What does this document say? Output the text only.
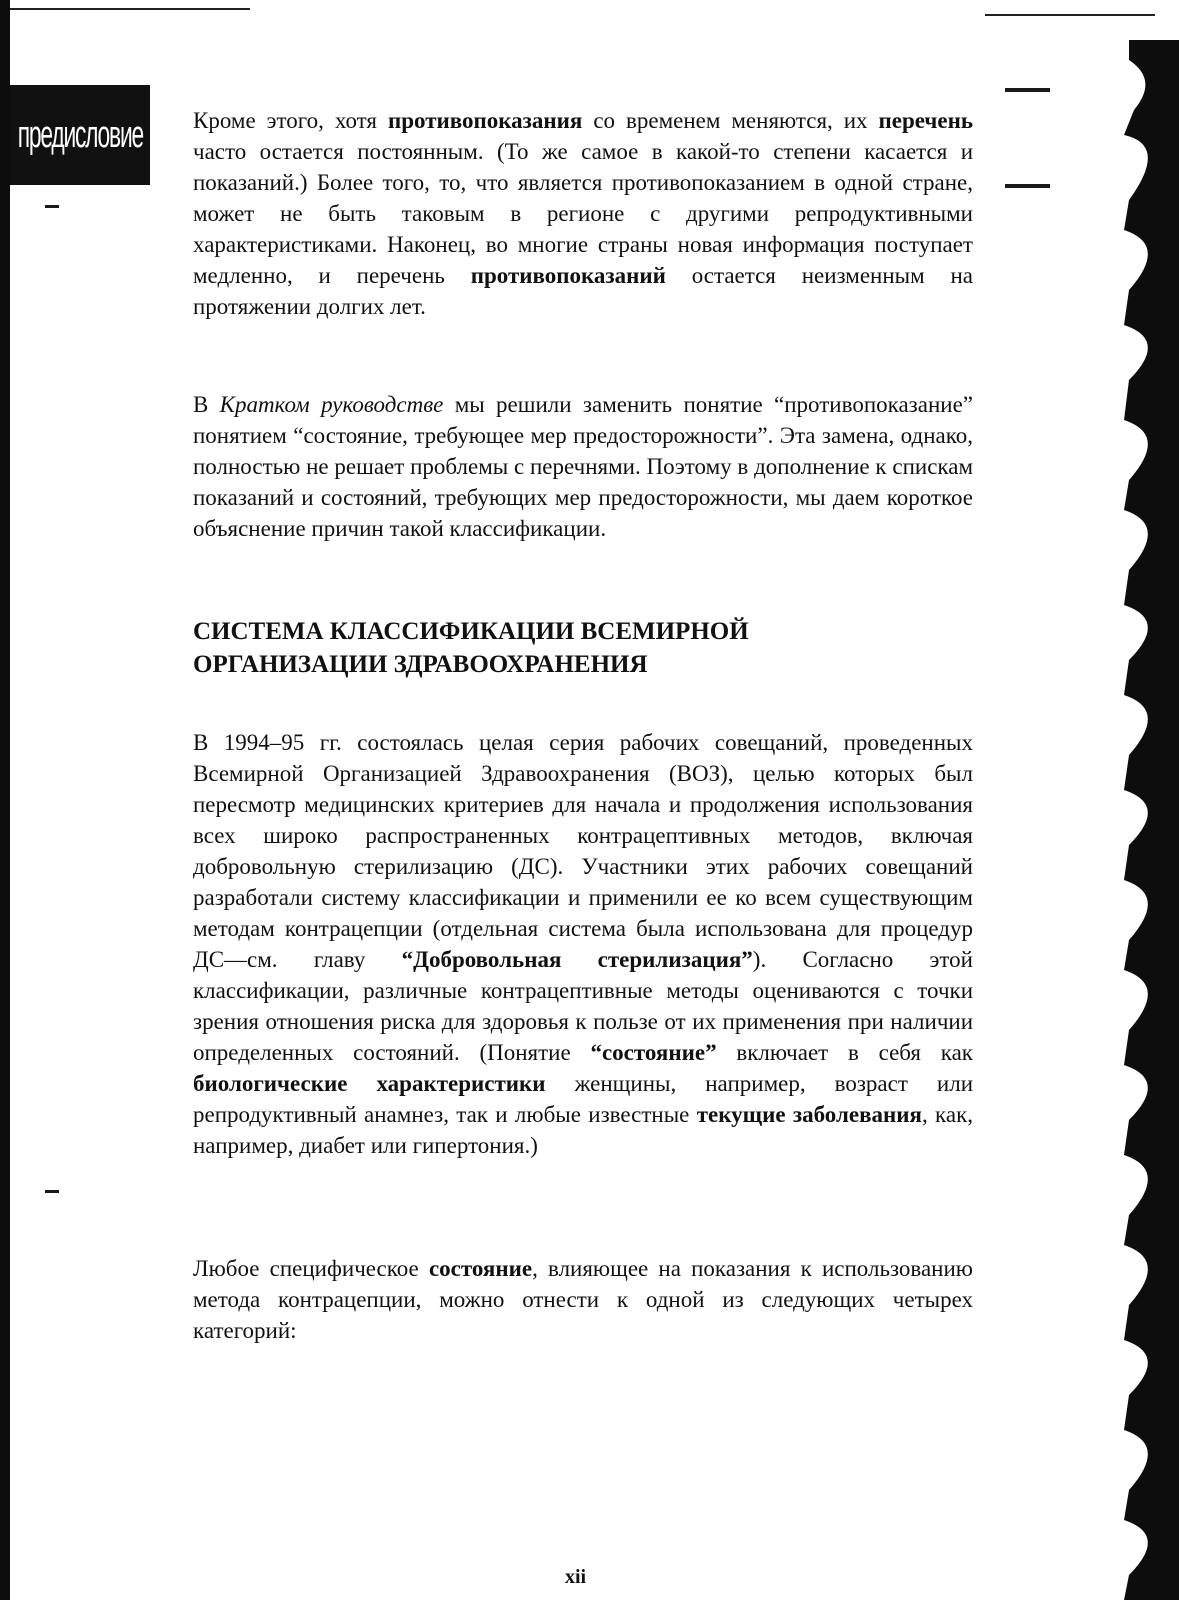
предисловие Кроме этого, хотя противопоказания со временем меняются, их перечень часто остается постоянным. (То же самое в какой-то степени касается и показаний.) Более того, то, что является противопоказанием в одной стране, может не быть таковым в регионе с другими репродуктивными характеристиками. Наконец, во многие страны новая информация поступает медленно, и перечень противопоказаний остается неизменным на протяжении долгих лет.

В Кратком руководстве мы решили заменить понятие “противопоказание” понятием “состояние, требующее мер предосторожности”. Эта замена, однако, полностью не решает проблемы с перечнями. Поэтому в дополнение к спискам показаний и состояний, требующих мер предосторожности, мы даем короткое объяснение причин такой классификации.

СИСТЕМА КЛАССИФИКАЦИИ ВСЕМИРНОЙ
ОРГАНИЗАЦИИ ЗДРАВООХРАНЕНИЯ

В 1994–95 гг. состоялась целая серия рабочих совещаний, проведенных Всемирной Организацией Здравоохранения (ВОЗ), целью которых был пересмотр медицинских критериев для начала и продолжения использования всех широко распространенных контрацептивных методов, включая добровольную стерилизацию (ДС). Участники этих рабочих совещаний разработали систему классификации и применили ее ко всем существующим методам контрацепции (отдельная система была использована для процедур ДС—см. главу “Добровольная стерилизация”). Согласно этой классификации, различные контрацептивные методы оцениваются с точки зрения отношения риска для здоровья к пользе от их применения при наличии определенных состояний. (Понятие “состояние” включает в себя как биологические характеристики женщины, например, возраст или репродуктивный анамнез, так и любые известные текущие заболевания, как, например, диабет или гипертония.)

Любое специфическое состояние, влияющее на показания к использованию метода контрацепции, можно отнести к одной из следующих четырех категорий:

xii
